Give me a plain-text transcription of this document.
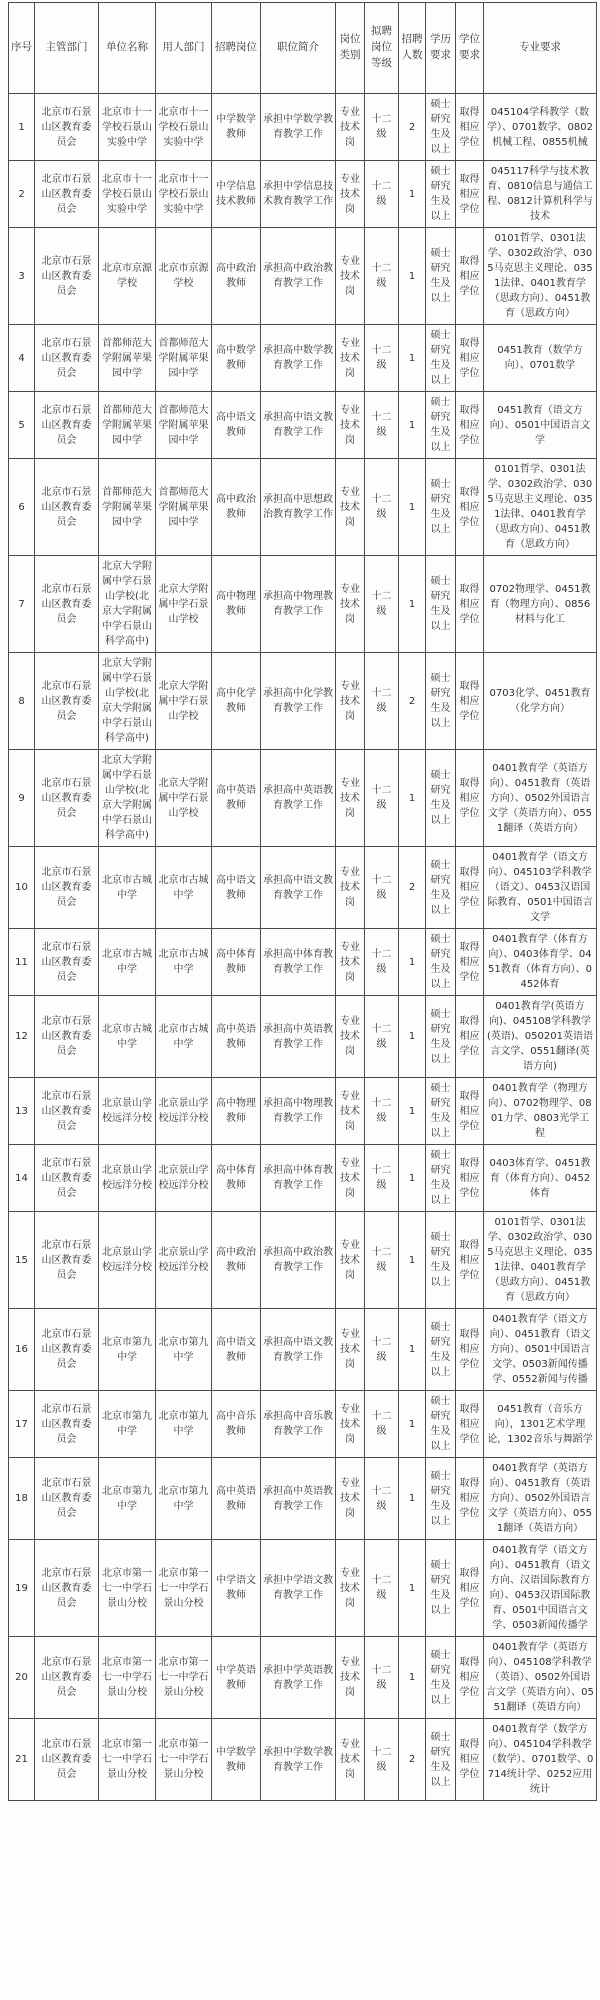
序号	主管部门	单位名称	用人部门	招聘岗位	职位简介	岗位类别	拟聘岗位等级	招聘人数	学历要求	学位要求	专业要求
1	北京市石景山区教育委员会	北京市十一学校石景山实验中学	北京市十一学校石景山实验中学	中学数学教师	承担中学数学教育教学工作	专业技术岗	十二级	2	硕士研究生及以上	取得相应学位	045104学科教学（数学）、0701数学、0802机械工程、0855机械
2	北京市石景山区教育委员会	北京市十一学校石景山实验中学	北京市十一学校石景山实验中学	中学信息技术教师	承担中学信息技术教育教学工作	专业技术岗	十二级	1	硕士研究生及以上	取得相应学位	045117科学与技术教育、0810信息与通信工程、0812计算机科学与技术
3	北京市石景山区教育委员会	北京市京源学校	北京市京源学校	高中政治教师	承担高中政治教育教学工作	专业技术岗	十二级	1	硕士研究生及以上	取得相应学位	0101哲学、0301法学、0302政治学、0305马克思主义理论、0351法律、0401教育学（思政方向）、0451教育（思政方向）
4	北京市石景山区教育委员会	首都师范大学附属苹果园中学	首都师范大学附属苹果园中学	高中数学教师	承担高中数学教育教学工作	专业技术岗	十二级	1	硕士研究生及以上	取得相应学位	0451教育（数学方向）、0701数学
5	北京市石景山区教育委员会	首都师范大学附属苹果园中学	首都师范大学附属苹果园中学	高中语文教师	承担高中语文教育教学工作	专业技术岗	十二级	1	硕士研究生及以上	取得相应学位	0451教育（语文方向）、0501中国语言文学
6	北京市石景山区教育委员会	首都师范大学附属苹果园中学	首都师范大学附属苹果园中学	高中政治教师	承担高中思想政治教育教学工作	专业技术岗	十二级	1	硕士研究生及以上	取得相应学位	0101哲学、0301法学、0302政治学、0305马克思主义理论、0351法律、0401教育学（思政方向）、0451教育（思政方向）
7	北京市石景山区教育委员会	北京大学附属中学石景山学校(北京大学附属中学石景山科学高中)	北京大学附属中学石景山学校	高中物理教师	承担高中物理教育教学工作	专业技术岗	十二级	1	硕士研究生及以上	取得相应学位	0702物理学、0451教育（物理方向）、0856材料与化工
8	北京市石景山区教育委员会	北京大学附属中学石景山学校(北京大学附属中学石景山科学高中)	北京大学附属中学石景山学校	高中化学教师	承担高中化学教育教学工作	专业技术岗	十二级	2	硕士研究生及以上	取得相应学位	0703化学、0451教育（化学方向）
9	北京市石景山区教育委员会	北京大学附属中学石景山学校(北京大学附属中学石景山科学高中)	北京大学附属中学石景山学校	高中英语教师	承担高中英语教育教学工作	专业技术岗	十二级	1	硕士研究生及以上	取得相应学位	0401教育学（英语方向）、0451教育（英语方向）、0502外国语言文学（英语方向）、0551翻译（英语方向）
10	北京市石景山区教育委员会	北京市古城中学	北京市古城中学	高中语文教师	承担高中语文教育教学工作	专业技术岗	十二级	2	硕士研究生及以上	取得相应学位	0401教育学（语文方向）、045103学科教学（语文）、0453汉语国际教育、0501中国语言文学
11	北京市石景山区教育委员会	北京市古城中学	北京市古城中学	高中体育教师	承担高中体育教育教学工作	专业技术岗	十二级	1	硕士研究生及以上	取得相应学位	0401教育学（体育方向）、0403体育学、0451教育（体育方向）、0452体育
12	北京市石景山区教育委员会	北京市古城中学	北京市古城中学	高中英语教师	承担高中英语教育教学工作	专业技术岗	十二级	1	硕士研究生及以上	取得相应学位	0401教育学(英语方向)、045108学科教学(英语)、050201英语语言文学、0551翻译(英语方向)
13	北京市石景山区教育委员会	北京景山学校远洋分校	北京景山学校远洋分校	高中物理教师	承担高中物理教育教学工作	专业技术岗	十二级	1	硕士研究生及以上	取得相应学位	0401教育学（物理方向）、0702物理学、0801力学、0803光学工程
14	北京市石景山区教育委员会	北京景山学校远洋分校	北京景山学校远洋分校	高中体育教师	承担高中体育教育教学工作	专业技术岗	十二级	1	硕士研究生及以上	取得相应学位	0403体育学、0451教育（体育方向）、0452体育
15	北京市石景山区教育委员会	北京景山学校远洋分校	北京景山学校远洋分校	高中政治教师	承担高中政治教育教学工作	专业技术岗	十二级	1	硕士研究生及以上	取得相应学位	0101哲学、0301法学、0302政治学、0305马克思主义理论、0351法律、0401教育学（思政方向）、0451教育（思政方向）
16	北京市石景山区教育委员会	北京市第九中学	北京市第九中学	高中语文教师	承担高中语文教育教学工作	专业技术岗	十二级	1	硕士研究生及以上	取得相应学位	0401教育学（语文方向）、0451教育（语文方向）、0501中国语言文学、0503新闻传播学、0552新闻与传播
17	北京市石景山区教育委员会	北京市第九中学	北京市第九中学	高中音乐教师	承担高中音乐教育教学工作	专业技术岗	十二级	1	硕士研究生及以上	取得相应学位	0451教育（音乐方向），1301艺术学理论，1302音乐与舞蹈学
18	北京市石景山区教育委员会	北京市第九中学	北京市第九中学	高中英语教师	承担高中英语教育教学工作	专业技术岗	十二级	1	硕士研究生及以上	取得相应学位	0401教育学（英语方向）、0451教育（英语方向）、0502外国语言文学（英语方向）、0551翻译（英语方向）
19	北京市石景山区教育委员会	北京市第一七一中学石景山分校	北京市第一七一中学石景山分校	中学语文教师	承担中学语文教育教学工作	专业技术岗	十二级	1	硕士研究生及以上	取得相应学位	0401教育学（语文方向）、0451教育（语文方向、汉语国际教育方向）、0453汉语国际教育、0501中国语言文学、0503新闻传播学
20	北京市石景山区教育委员会	北京市第一七一中学石景山分校	北京市第一七一中学石景山分校	中学英语教师	承担中学英语教育教学工作	专业技术岗	十二级	1	硕士研究生及以上	取得相应学位	0401教育学（英语方向）、045108学科教学（英语）、0502外国语言文学（英语方向）、0551翻译（英语方向）
21	北京市石景山区教育委员会	北京市第一七一中学石景山分校	北京市第一七一中学石景山分校	中学数学教师	承担中学数学教育教学工作	专业技术岗	十二级	2	硕士研究生及以上	取得相应学位	0401教育学（数学方向）、045104学科教学（数学）、0701数学、0714统计学、0252应用统计
